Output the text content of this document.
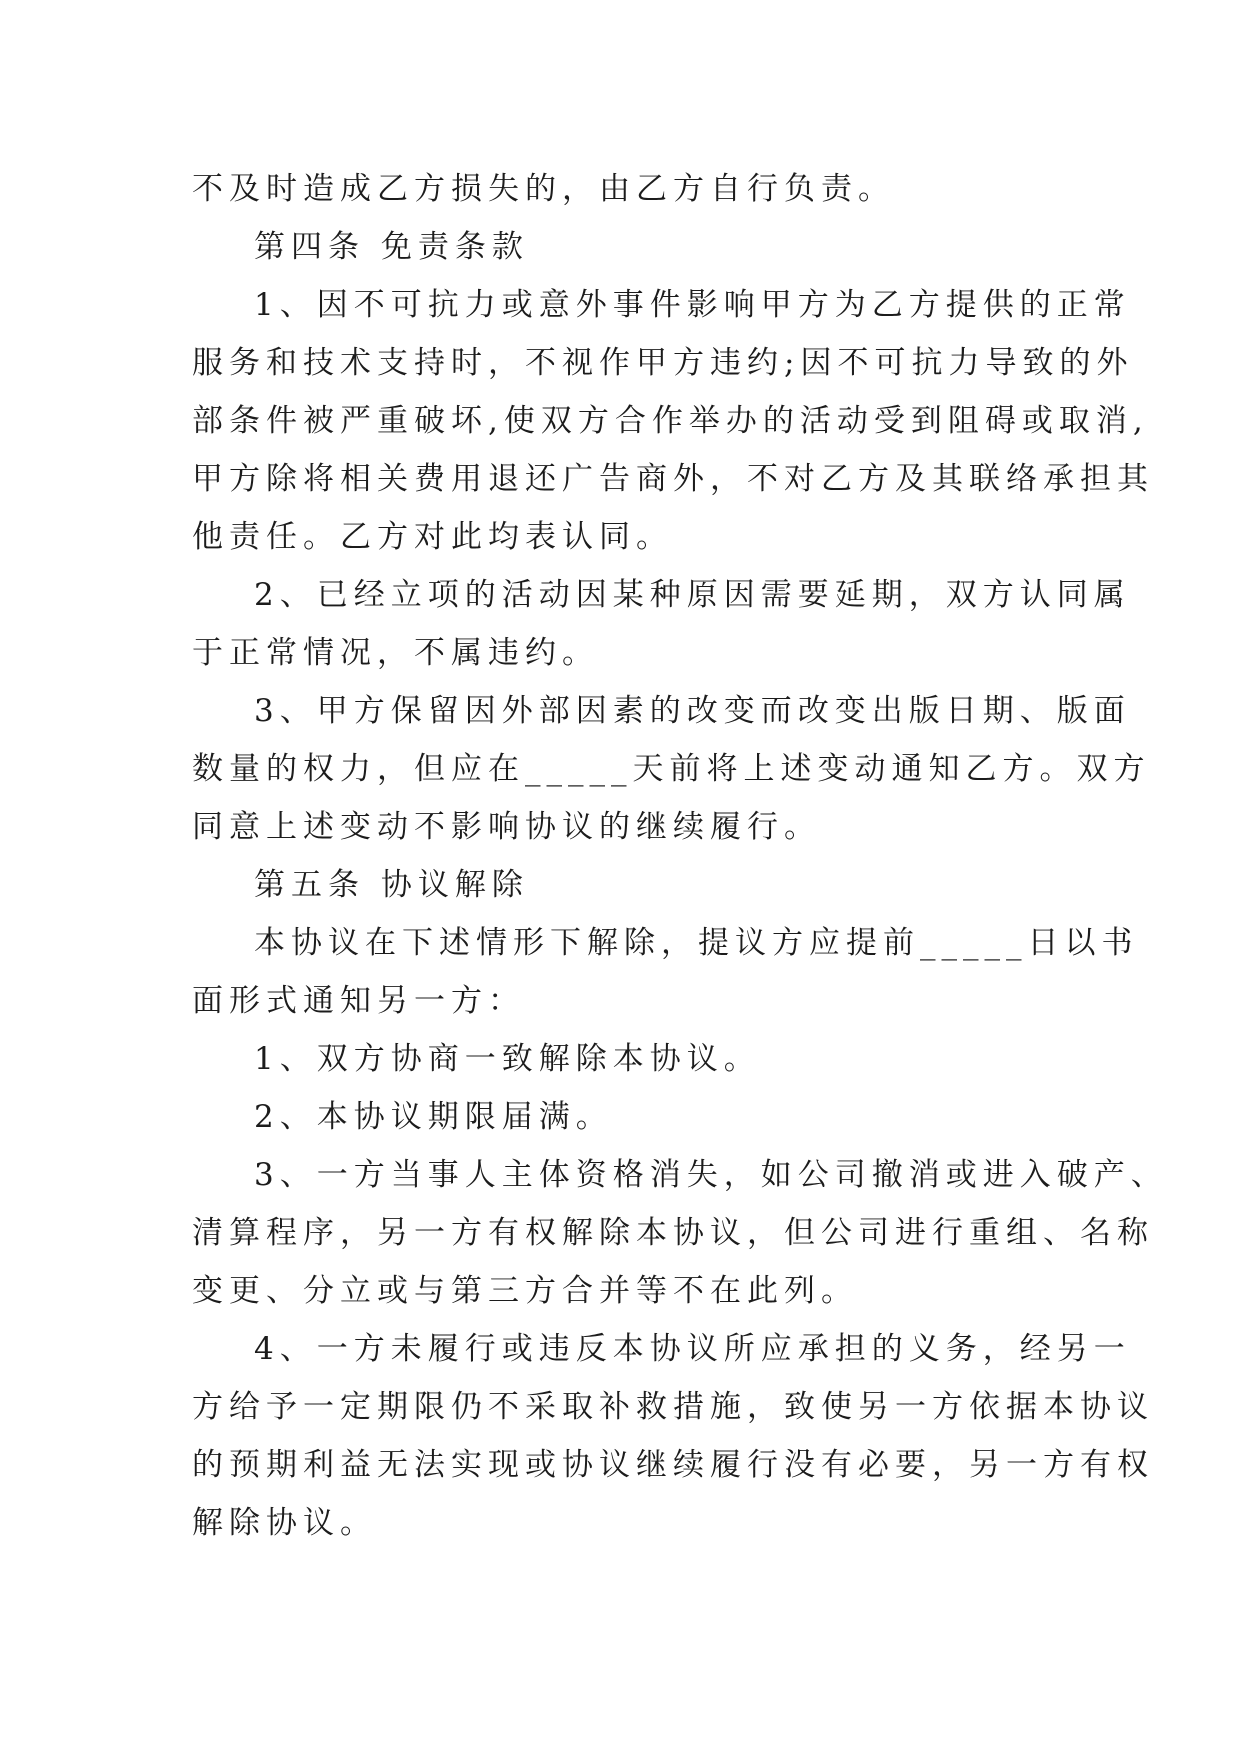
不及时造成乙方损失的，由乙方自行负责。
第四条 免责条款
1、因不可抗力或意外事件影响甲方为乙方提供的正常
服务和技术支持时，不视作甲方违约;因不可抗力导致的外
部条件被严重破坏,使双方合作举办的活动受到阻碍或取消,
甲方除将相关费用退还广告商外，不对乙方及其联络承担其
他责任。乙方对此均表认同。
2、已经立项的活动因某种原因需要延期，双方认同属
于正常情况，不属违约。
3、甲方保留因外部因素的改变而改变出版日期、版面
数量的权力，但应在_____天前将上述变动通知乙方。双方
同意上述变动不影响协议的继续履行。
第五条 协议解除
本协议在下述情形下解除，提议方应提前_____日以书
面形式通知另一方：
1、双方协商一致解除本协议。
2、本协议期限届满。
3、一方当事人主体资格消失，如公司撤消或进入破产、
清算程序，另一方有权解除本协议，但公司进行重组、名称
变更、分立或与第三方合并等不在此列。
4、一方未履行或违反本协议所应承担的义务，经另一
方给予一定期限仍不采取补救措施，致使另一方依据本协议
的预期利益无法实现或协议继续履行没有必要，另一方有权
解除协议。
